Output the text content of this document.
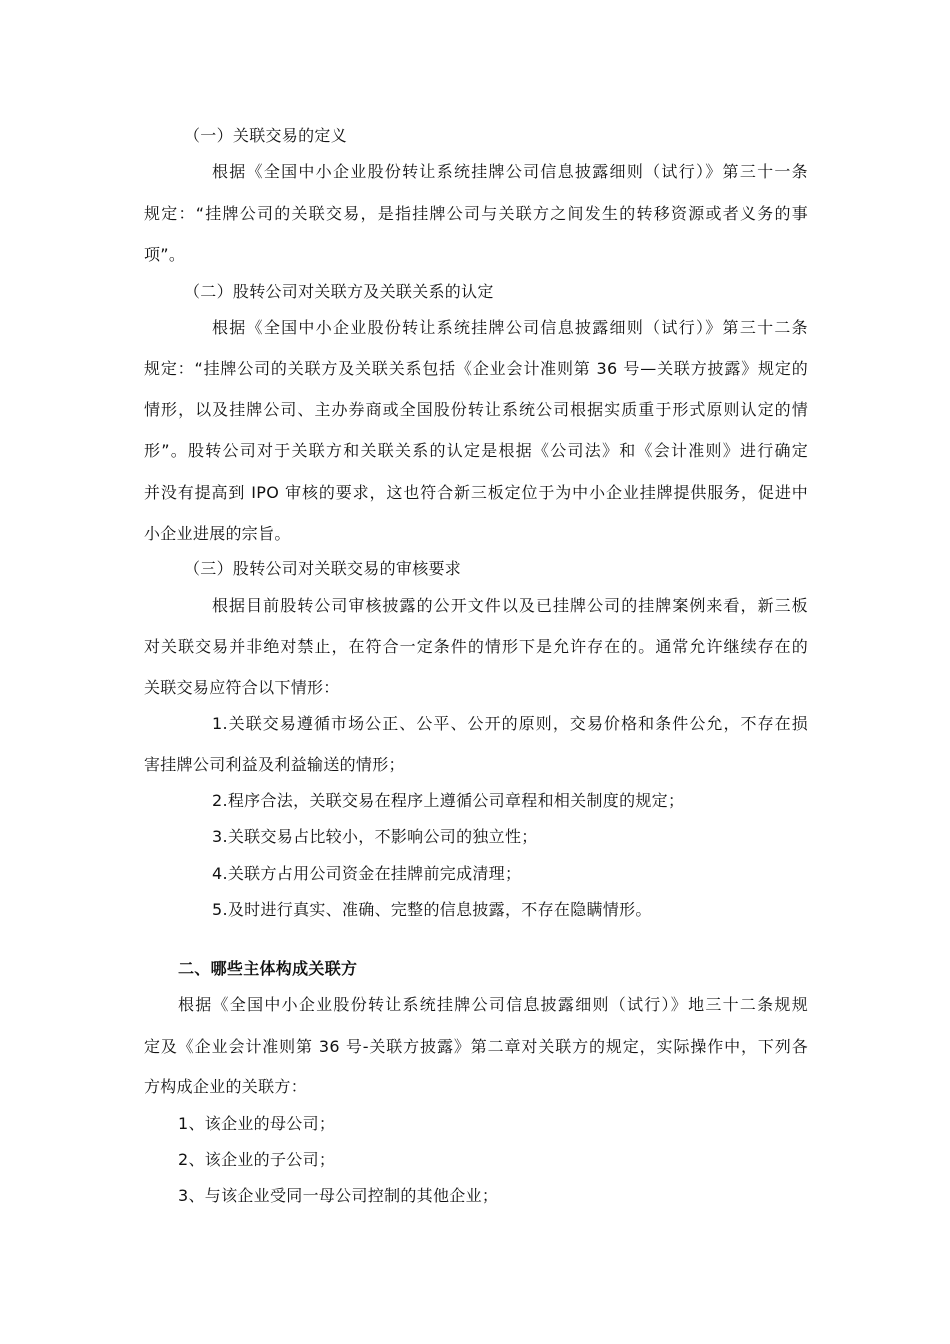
（一）关联交易的定义
根据《全国中小企业股份转让系统挂牌公司信息披露细则（试行）》第三十一条
规定：“挂牌公司的关联交易，是指挂牌公司与关联方之间发生的转移资源或者义务的事
项”。
（二）股转公司对关联方及关联关系的认定
根据《全国中小企业股份转让系统挂牌公司信息披露细则（试行）》第三十二条
规定：“挂牌公司的关联方及关联关系包括《企业会计准则第 36 号—关联方披露》规定的
情形，以及挂牌公司、主办券商或全国股份转让系统公司根据实质重于形式原则认定的情
形”。股转公司对于关联方和关联关系的认定是根据《公司法》和《会计准则》进行确定
并没有提高到 IPO 审核的要求，这也符合新三板定位于为中小企业挂牌提供服务，促进中
小企业进展的宗旨。
（三）股转公司对关联交易的审核要求
根据目前股转公司审核披露的公开文件以及已挂牌公司的挂牌案例来看，新三板
对关联交易并非绝对禁止，在符合一定条件的情形下是允许存在的。通常允许继续存在的
关联交易应符合以下情形：
1.关联交易遵循市场公正、公平、公开的原则，交易价格和条件公允，不存在损
害挂牌公司利益及利益输送的情形；
2.程序合法，关联交易在程序上遵循公司章程和相关制度的规定；
3.关联交易占比较小，不影响公司的独立性；
4.关联方占用公司资金在挂牌前完成清理；
5.及时进行真实、准确、完整的信息披露，不存在隐瞒情形。
二、哪些主体构成关联方
根据《全国中小企业股份转让系统挂牌公司信息披露细则（试行）》地三十二条规规
定及《企业会计准则第 36 号-关联方披露》第二章对关联方的规定，实际操作中，下列各
方构成企业的关联方：
1、该企业的母公司；
2、该企业的子公司；
3、与该企业受同一母公司控制的其他企业；
